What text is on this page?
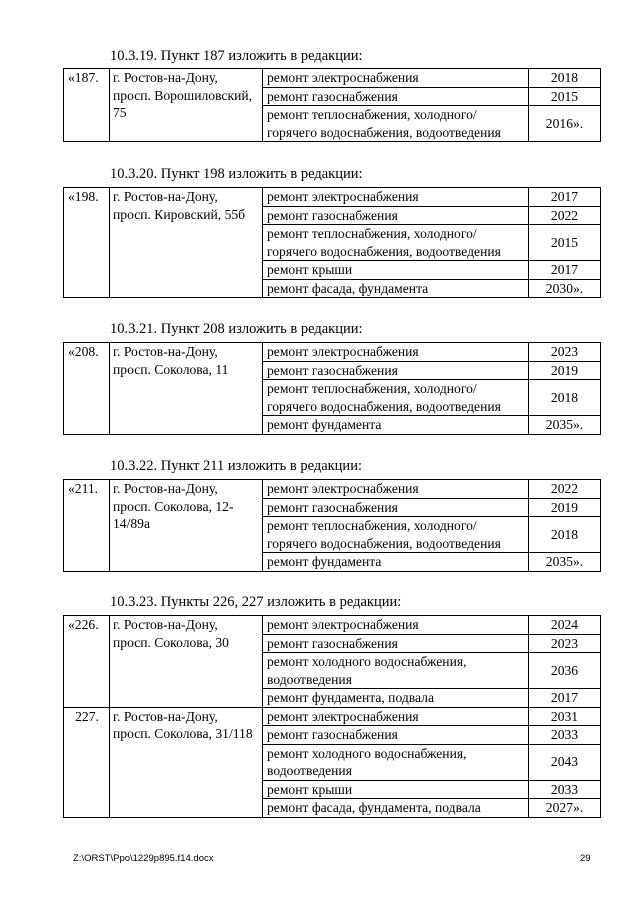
10.3.19. Пункт 187 изложить в редакции:
«187.	г. Ростов-на-Дону, просп. Ворошиловский, 75	ремонт электроснабжения	2018
		ремонт газоснабжения	2015
		ремонт теплоснабжения, холодного/горячего водоснабжения, водоотведения	2016».
10.3.20. Пункт 198 изложить в редакции:
«198.	г. Ростов-на-Дону, просп. Кировский, 55б	ремонт электроснабжения	2017
		ремонт газоснабжения	2022
		ремонт теплоснабжения, холодного/горячего водоснабжения, водоотведения	2015
		ремонт крыши	2017
		ремонт фасада, фундамента	2030».
10.3.21. Пункт 208 изложить в редакции:
«208.	г. Ростов-на-Дону, просп. Соколова, 11	ремонт электроснабжения	2023
		ремонт газоснабжения	2019
		ремонт теплоснабжения, холодного/горячего водоснабжения, водоотведения	2018
		ремонт фундамента	2035».
10.3.22. Пункт 211 изложить в редакции:
«211.	г. Ростов-на-Дону, просп. Соколова, 12-14/89а	ремонт электроснабжения	2022
		ремонт газоснабжения	2019
		ремонт теплоснабжения, холодного/горячего водоснабжения, водоотведения	2018
		ремонт фундамента	2035».
10.3.23. Пункты 226, 227 изложить в редакции:
«226.	г. Ростов-на-Дону, просп. Соколова, 30	ремонт электроснабжения	2024
		ремонт газоснабжения	2023
		ремонт холодного водоснабжения, водоотведения	2036
		ремонт фундамента, подвала	2017
227.	г. Ростов-на-Дону, просп. Соколова, 31/118	ремонт электроснабжения	2031
		ремонт газоснабжения	2033
		ремонт холодного водоснабжения, водоотведения	2043
		ремонт крыши	2033
		ремонт фасада, фундамента, подвала	2027».
Z:\ORST\Ppo\1229p895.f14.docx	29
